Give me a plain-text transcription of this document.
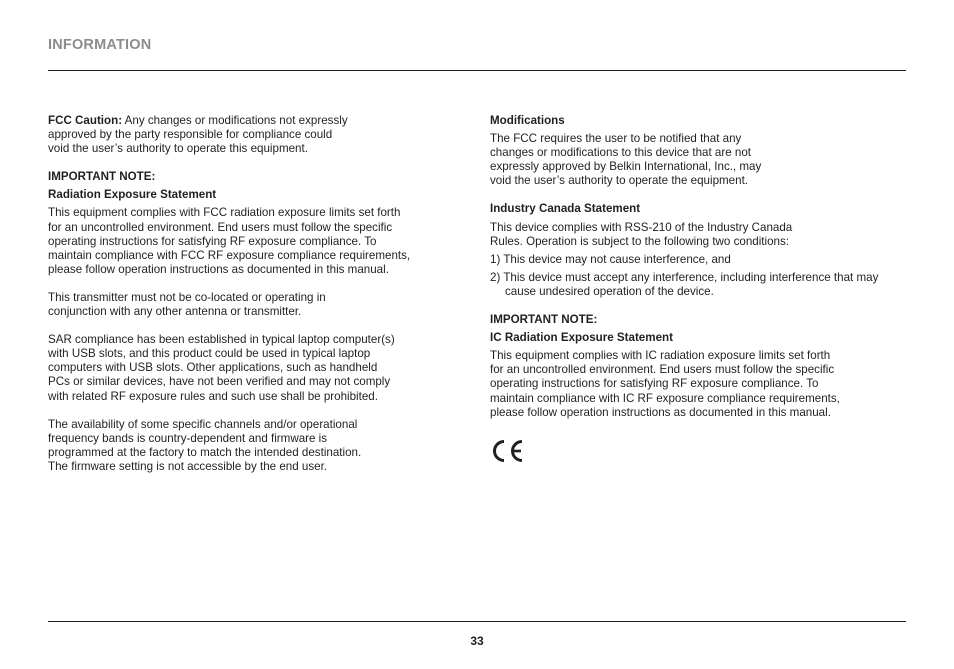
INFORMATION

FCC Caution: Any changes or modifications not expressly
approved by the party responsible for compliance could
void the user’s authority to operate this equipment.

IMPORTANT NOTE:

Radiation Exposure Statement

This equipment complies with FCC radiation exposure limits set forth
for an uncontrolled environment. End users must follow the specific
operating instructions for satisfying RF exposure compliance. To
maintain compliance with FCC RF exposure compliance requirements,
please follow operation instructions as documented in this manual.

This transmitter must not be co-located or operating in
conjunction with any other antenna or transmitter.

SAR compliance has been established in typical laptop computer(s)
with USB slots, and this product could be used in typical laptop
computers with USB slots. Other applications, such as handheld
PCs or similar devices, have not been verified and may not comply
with related RF exposure rules and such use shall be prohibited.

The availability of some specific channels and/or operational
frequency bands is country-dependent and firmware is
programmed at the factory to match the intended destination.
The firmware setting is not accessible by the end user.

Modifications

The FCC requires the user to be notified that any
changes or modifications to this device that are not
expressly approved by Belkin International, Inc., may
void the user’s authority to operate the equipment.

Industry Canada Statement

This device complies with RSS-210 of the Industry Canada
Rules. Operation is subject to the following two conditions:

1) This device may not cause interference, and

2) This device must accept any interference, including interference that may cause undesired operation of the device.

IMPORTANT NOTE:

IC Radiation Exposure Statement

This equipment complies with IC radiation exposure limits set forth
for an uncontrolled environment. End users must follow the specific
operating instructions for satisfying RF exposure compliance. To
maintain compliance with IC RF exposure compliance requirements,
please follow operation instructions as documented in this manual.

33
